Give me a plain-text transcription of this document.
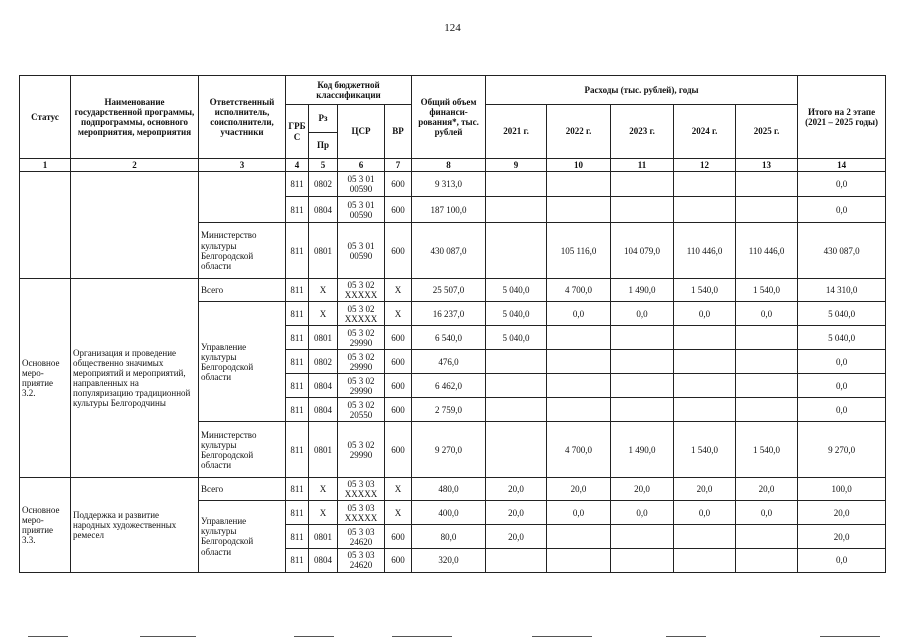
124
Статус	Наименование государственной программы, подпрограммы, основного мероприятия, мероприятия	Ответственный исполнитель, соисполнители, участники	Код бюджетной классификации				Общий объем финанси-рования*, тыс. рублей	Расходы (тыс. рублей), годы					Итого на 2 этапе (2021 – 2025 годы)
			ГРБ С	Рз	ЦСР	ВР		2021 г.	2022 г.	2023 г.	2024 г.	2025 г.	
				Пр									
1	2	3	4	5	6	7	8	9	10	11	12	13	14
			811	0802	05 3 01 00590	600	9 313,0						0,0
			811	0804	05 3 01 00590	600	187 100,0						0,0
		Министерство культуры Белгородской области	811	0801	05 3 01 00590	600	430 087,0		105 116,0	104 079,0	110 446,0	110 446,0	430 087,0
Основное меро-приятие 3.2.	Организация и проведение общественно значимых мероприятий и мероприятий, направленных на популяризацию традиционной культуры Белгородчины	Всего	811	X	05 3 02 XXXXX	X	25 507,0	5 040,0	4 700,0	1 490,0	1 540,0	1 540,0	14 310,0
		Управление культуры Белгородской области	811	X	05 3 02 XXXXX	X	16 237,0	5 040,0	0,0	0,0	0,0	0,0	5 040,0
			811	0801	05 3 02 29990	600	6 540,0	5 040,0					5 040,0
			811	0802	05 3 02 29990	600	476,0						0,0
			811	0804	05 3 02 29990	600	6 462,0						0,0
			811	0804	05 3 02 20550	600	2 759,0						0,0
		Министерство культуры Белгородской области	811	0801	05 3 02 29990	600	9 270,0		4 700,0	1 490,0	1 540,0	1 540,0	9 270,0
Основное меро-приятие 3.3.	Поддержка и развитие народных художественных ремесел	Всего	811	X	05 3 03 XXXXX	X	480,0	20,0	20,0	20,0	20,0	20,0	100,0
		Управление культуры Белгородской области	811	X	05 3 03 XXXXX	X	400,0	20,0	0,0	0,0	0,0	0,0	20,0
			811	0801	05 3 03 24620	600	80,0	20,0					20,0
			811	0804	05 3 03 24620	600	320,0						0,0
